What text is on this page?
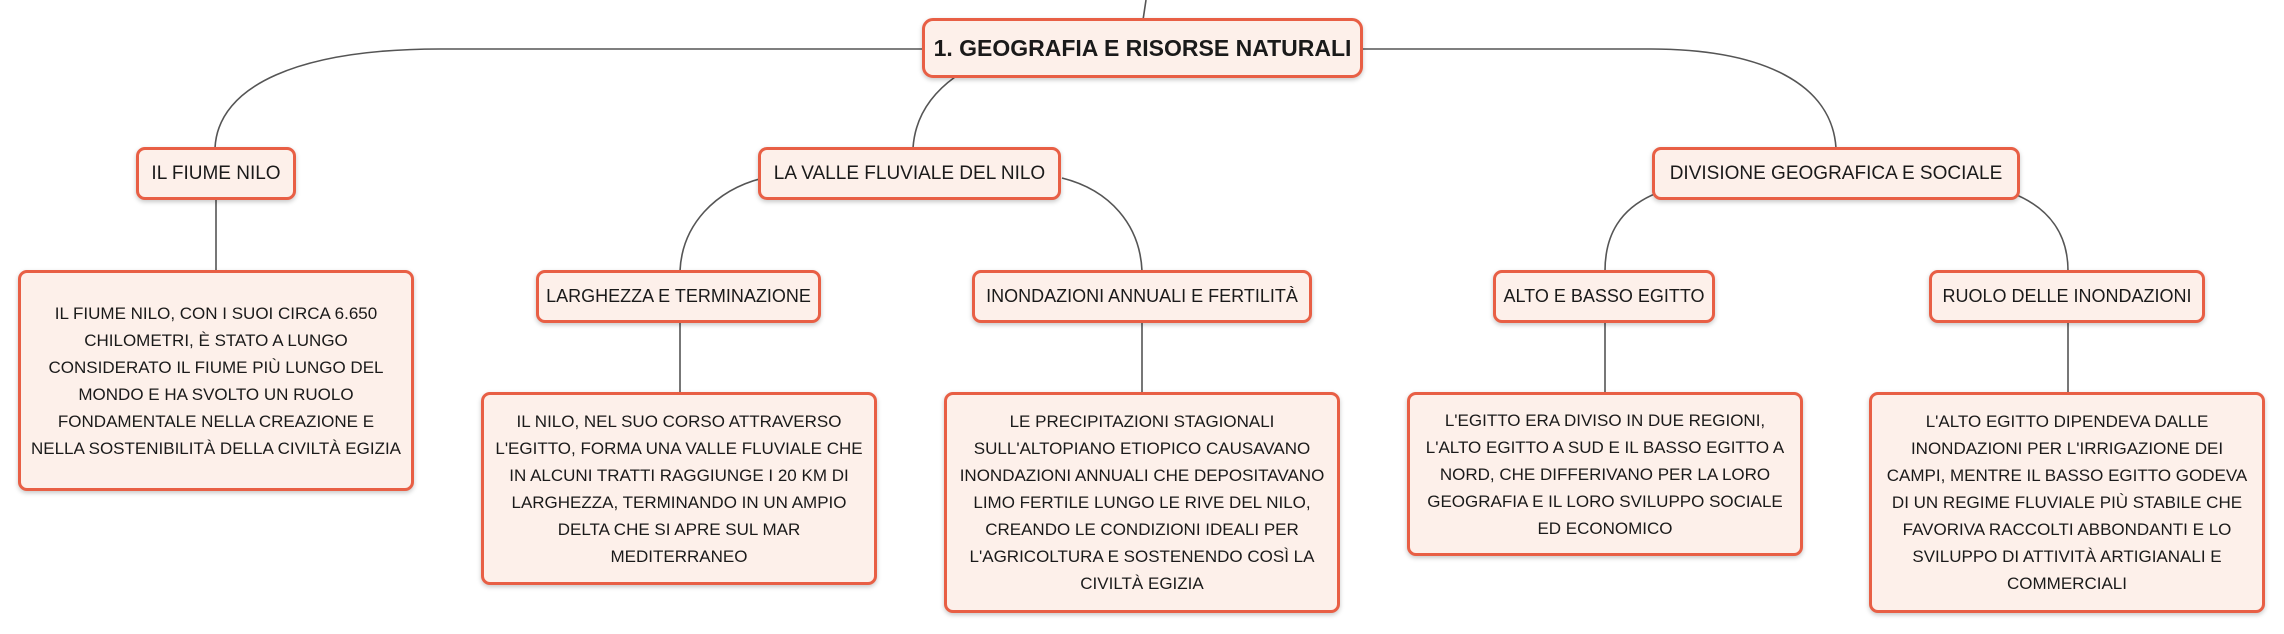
1. GEOGRAFIA E RISORSE NATURALI
IL FIUME NILO
IL FIUME NILO, CON I SUOI CIRCA 6.650 CHILOMETRI, È STATO A LUNGO CONSIDERATO IL FIUME PIÙ LUNGO DEL MONDO E HA SVOLTO UN RUOLO FONDAMENTALE NELLA CREAZIONE E NELLA SOSTENIBILITÀ DELLA CIVILTÀ EGIZIA
LA VALLE FLUVIALE DEL NILO
LARGHEZZA E TERMINAZIONE
IL NILO, NEL SUO CORSO ATTRAVERSO L'EGITTO, FORMA UNA VALLE FLUVIALE CHE IN ALCUNI TRATTI RAGGIUNGE I 20 KM DI LARGHEZZA, TERMINANDO IN UN AMPIO DELTA CHE SI APRE SUL MAR MEDITERRANEO
INONDAZIONI ANNUALI E FERTILITÀ
LE PRECIPITAZIONI STAGIONALI SULL'ALTOPIANO ETIOPICO CAUSAVANO INONDAZIONI ANNUALI CHE DEPOSITAVANO LIMO FERTILE LUNGO LE RIVE DEL NILO, CREANDO LE CONDIZIONI IDEALI PER L'AGRICOLTURA E SOSTENENDO COSÌ LA CIVILTÀ EGIZIA
DIVISIONE GEOGRAFICA E SOCIALE
ALTO E BASSO EGITTO
L'EGITTO ERA DIVISO IN DUE REGIONI, L'ALTO EGITTO A SUD E IL BASSO EGITTO A NORD, CHE DIFFERIVANO PER LA LORO GEOGRAFIA E IL LORO SVILUPPO SOCIALE ED ECONOMICO
RUOLO DELLE INONDAZIONI
L'ALTO EGITTO DIPENDEVA DALLE INONDAZIONI PER L'IRRIGAZIONE DEI CAMPI, MENTRE IL BASSO EGITTO GODEVA DI UN REGIME FLUVIALE PIÙ STABILE CHE FAVORIVA RACCOLTI ABBONDANTI E LO SVILUPPO DI ATTIVITÀ ARTIGIANALI E COMMERCIALI
